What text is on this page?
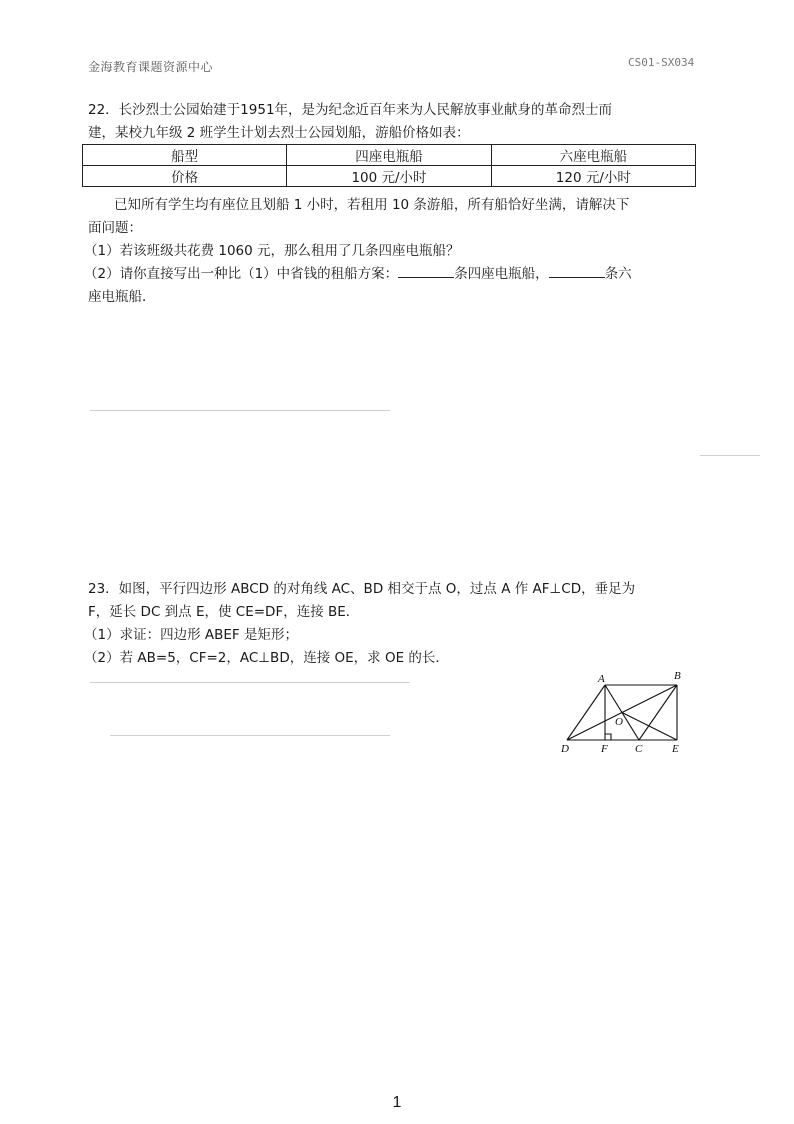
金海教育课题资源中心	CS01-SX034
22．长沙烈士公园始建于1951年，是为纪念近百年来为人民解放事业献身的革命烈士而
建，某校九年级 2 班学生计划去烈士公园划船，游船价格如表：
船型	四座电瓶船	六座电瓶船
价格	100 元/小时	120 元/小时
已知所有学生均有座位且划船 1 小时，若租用 10 条游船，所有船恰好坐满，请解决下
面问题：
（1）若该班级共花费 1060 元，那么租用了几条四座电瓶船？
（2）请你直接写出一种比（1）中省钱的租船方案：	条四座电瓶船，	条六
座电瓶船．
23．如图，平行四边形 ABCD 的对角线 AC、BD 相交于点 O，过点 A 作 AF⊥CD，垂足为
F，延长 DC 到点 E，使 CE=DF，连接 BE．
（1）求证：四边形 ABEF 是矩形；
（2）若 AB=5，CF=2，AC⊥BD，连接 OE，求 OE 的长．
A	B
O
D	F C	E
1
